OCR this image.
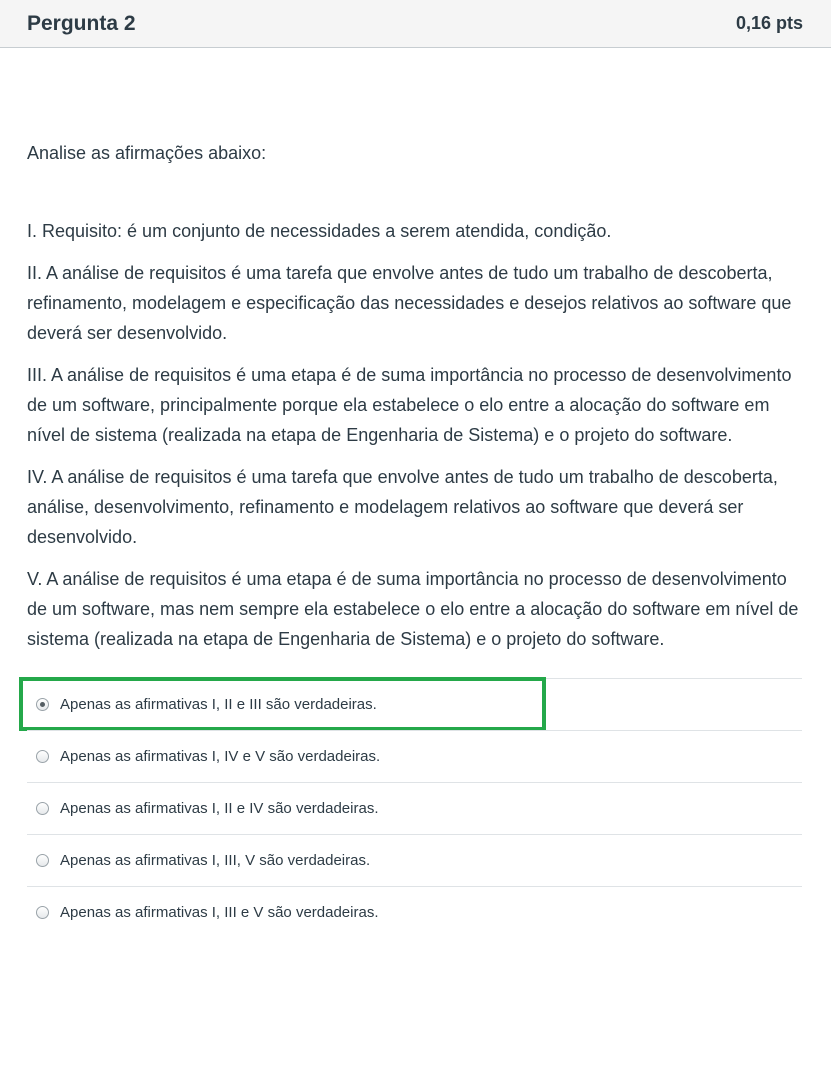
Pergunta 2	0,16 pts

Analise as afirmações abaixo:

I. Requisito: é um conjunto de necessidades a serem atendida, condição.

II. A análise de requisitos é uma tarefa que envolve antes de tudo um trabalho de descoberta, refinamento, modelagem e especificação das necessidades e desejos relativos ao software que deverá ser desenvolvido.

III. A análise de requisitos é uma etapa é de suma importância no processo de desenvolvimento de um software, principalmente porque ela estabelece o elo entre a alocação do software em nível de sistema (realizada na etapa de Engenharia de Sistema) e o projeto do software.

IV. A análise de requisitos é uma tarefa que envolve antes de tudo um trabalho de descoberta, análise, desenvolvimento, refinamento e modelagem relativos ao software que deverá ser desenvolvido.

V. A análise de requisitos é uma etapa é de suma importância no processo de desenvolvimento de um software, mas nem sempre ela estabelece o elo entre a alocação do software em nível de sistema (realizada na etapa de Engenharia de Sistema) e o projeto do software.

Apenas as afirmativas I, II e III são verdadeiras.
Apenas as afirmativas I, IV e V são verdadeiras.
Apenas as afirmativas I, II e IV são verdadeiras.
Apenas as afirmativas I, III, V são verdadeiras.
Apenas as afirmativas I, III e V são verdadeiras.
